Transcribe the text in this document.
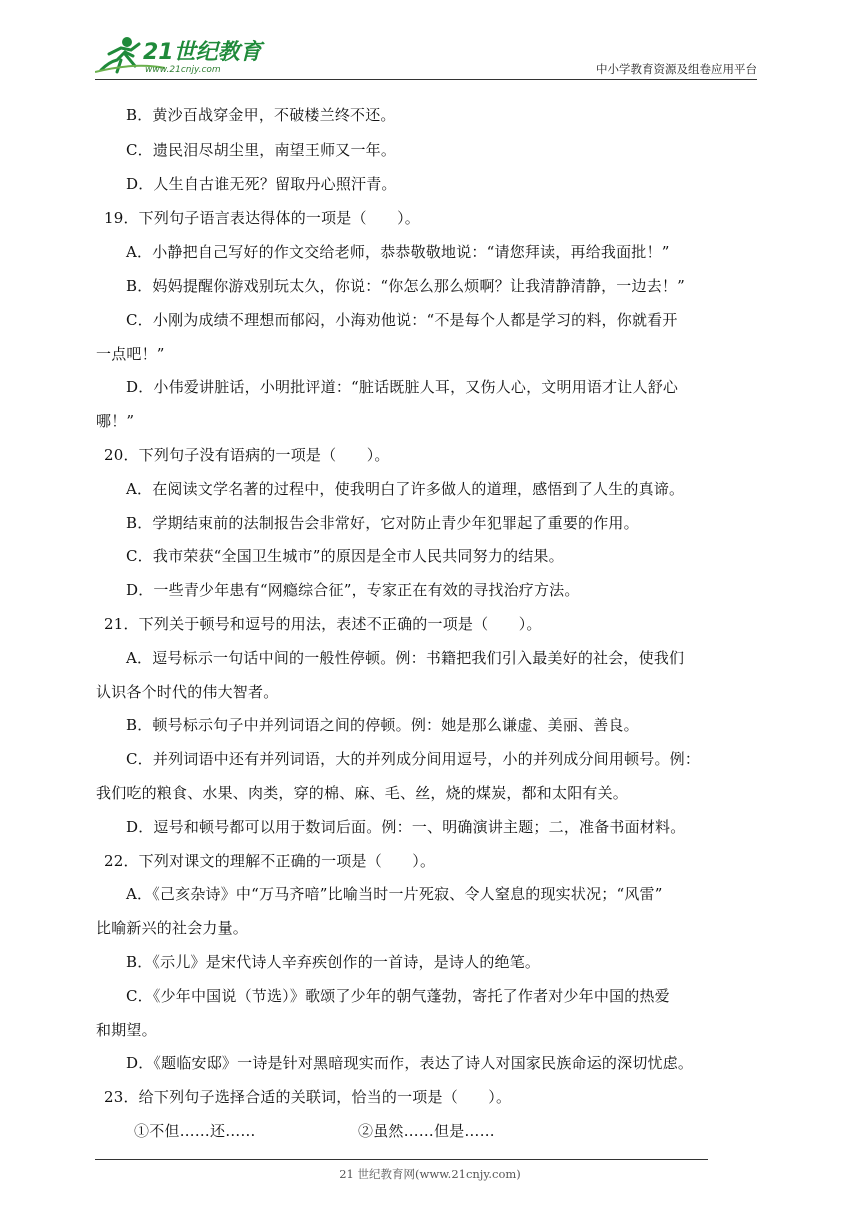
21世纪教育
www.21cnjy.com	中小学教育资源及组卷应用平台
B．黄沙百战穿金甲，不破楼兰终不还。
C．遗民泪尽胡尘里，南望王师又一年。
D．人生自古谁无死？留取丹心照汗青。
19．下列句子语言表达得体的一项是（　　）。
A．小静把自己写好的作文交给老师，恭恭敬敬地说：“请您拜读，再给我面批！”
B．妈妈提醒你游戏别玩太久，你说：“你怎么那么烦啊？让我清静清静，一边去！”
C．小刚为成绩不理想而郁闷，小海劝他说：“不是每个人都是学习的料，你就看开
一点吧！”
D．小伟爱讲脏话，小明批评道：“脏话既脏人耳，又伤人心，文明用语才让人舒心
哪！”
20．下列句子没有语病的一项是（　　）。
A．在阅读文学名著的过程中，使我明白了许多做人的道理，感悟到了人生的真谛。
B．学期结束前的法制报告会非常好，它对防止青少年犯罪起了重要的作用。
C．我市荣获“全国卫生城市”的原因是全市人民共同努力的结果。
D．一些青少年患有“网瘾综合征”，专家正在有效的寻找治疗方法。
21．下列关于顿号和逗号的用法，表述不正确的一项是（　　）。
A．逗号标示一句话中间的一般性停顿。例：书籍把我们引入最美好的社会，使我们
认识各个时代的伟大智者。
B．顿号标示句子中并列词语之间的停顿。例：她是那么谦虚、美丽、善良。
C．并列词语中还有并列词语，大的并列成分间用逗号，小的并列成分间用顿号。例：
我们吃的粮食、水果、肉类，穿的棉、麻、毛、丝，烧的煤炭，都和太阳有关。
D．逗号和顿号都可以用于数词后面。例：一、明确演讲主题；二，准备书面材料。
22．下列对课文的理解不正确的一项是（　　）。
A．《己亥杂诗》中“万马齐喑”比喻当时一片死寂、令人窒息的现实状况；“风雷”
比喻新兴的社会力量。
B．《示儿》是宋代诗人辛弃疾创作的一首诗，是诗人的绝笔。
C．《少年中国说（节选）》歌颂了少年的朝气蓬勃，寄托了作者对少年中国的热爱
和期望。
D．《题临安邸》一诗是针对黑暗现实而作，表达了诗人对国家民族命运的深切忧虑。
23．给下列句子选择合适的关联词，恰当的一项是（　　）。
①不但……还……	②虽然……但是……
21 世纪教育网(www.21cnjy.com)
